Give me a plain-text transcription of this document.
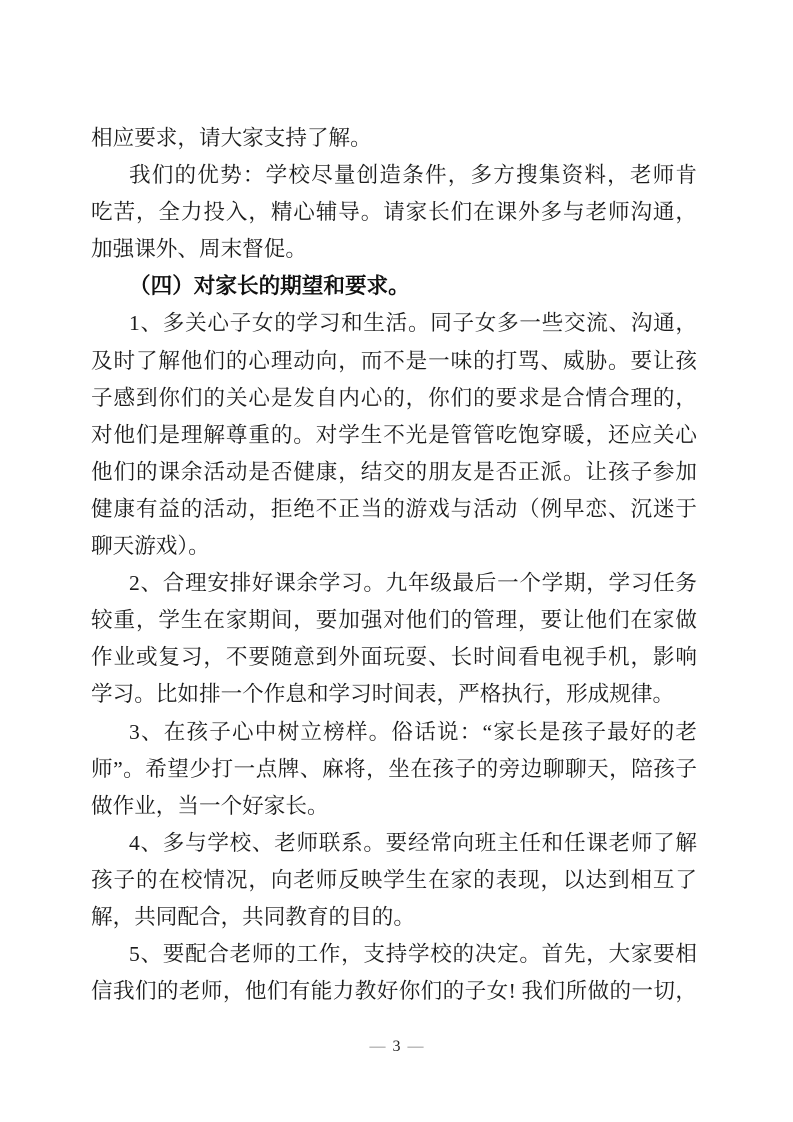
相应要求，请大家支持了解。

我们的优势：学校尽量创造条件，多方搜集资料，老师肯
吃苦，全力投入，精心辅导。请家长们在课外多与老师沟通，
加强课外、周末督促。

（四）对家长的期望和要求。

1、多关心子女的学习和生活。同子女多一些交流、沟通，
及时了解他们的心理动向，而不是一味的打骂、威胁。要让孩
子感到你们的关心是发自内心的，你们的要求是合情合理的，
对他们是理解尊重的。对学生不光是管管吃饱穿暖，还应关心
他们的课余活动是否健康，结交的朋友是否正派。让孩子参加
健康有益的活动，拒绝不正当的游戏与活动（例早恋、沉迷于
聊天游戏）。

2、合理安排好课余学习。九年级最后一个学期，学习任务
较重，学生在家期间，要加强对他们的管理，要让他们在家做
作业或复习，不要随意到外面玩耍、长时间看电视手机，影响
学习。比如排一个作息和学习时间表，严格执行，形成规律。

3、在孩子心中树立榜样。俗话说：“家长是孩子最好的老
师”。希望少打一点牌、麻将，坐在孩子的旁边聊聊天，陪孩子
做作业，当一个好家长。

4、多与学校、老师联系。要经常向班主任和任课老师了解
孩子的在校情况，向老师反映学生在家的表现，以达到相互了
解，共同配合，共同教育的目的。

5、要配合老师的工作，支持学校的决定。首先，大家要相
信我们的老师，他们有能力教好你们的子女! 我们所做的一切，

— 3 —
